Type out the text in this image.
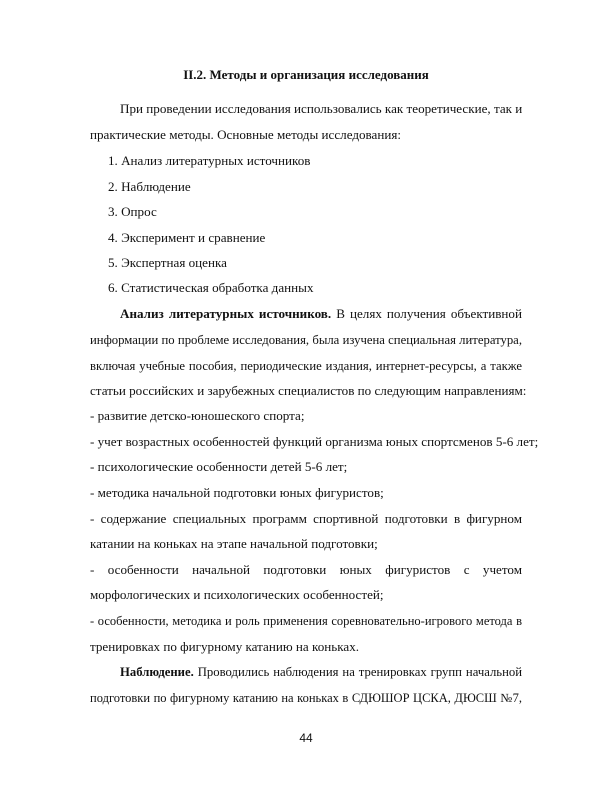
II.2. Методы и организация исследования
При проведении исследования использовались как теоретические, так и
практические методы. Основные методы исследования:
1. Анализ литературных источников
2. Наблюдение
3. Опрос
4. Эксперимент и сравнение
5. Экспертная оценка
6. Статистическая обработка данных
Анализ литературных источников. В целях получения объективной
информации по проблеме исследования, была изучена специальная литература,
включая учебные пособия, периодические издания, интернет-ресурсы, а также
статьи российских и зарубежных специалистов по следующим направлениям:
- развитие детско-юношеского спорта;
- учет возрастных особенностей функций организма юных спортсменов 5-6 лет;
- психологические особенности детей 5-6 лет;
- методика начальной подготовки юных фигуристов;
- содержание специальных программ спортивной подготовки в фигурном
катании на коньках на этапе начальной подготовки;
- особенности начальной подготовки юных фигуристов с учетом
морфологических и психологических особенностей;
- особенности, методика и роль применения соревновательно-игрового метода в
тренировках по фигурному катанию на коньках.
Наблюдение. Проводились наблюдения на тренировках групп начальной
подготовки по фигурному катанию на коньках в СДЮШОР ЦСКА, ДЮСШ №7,
44
